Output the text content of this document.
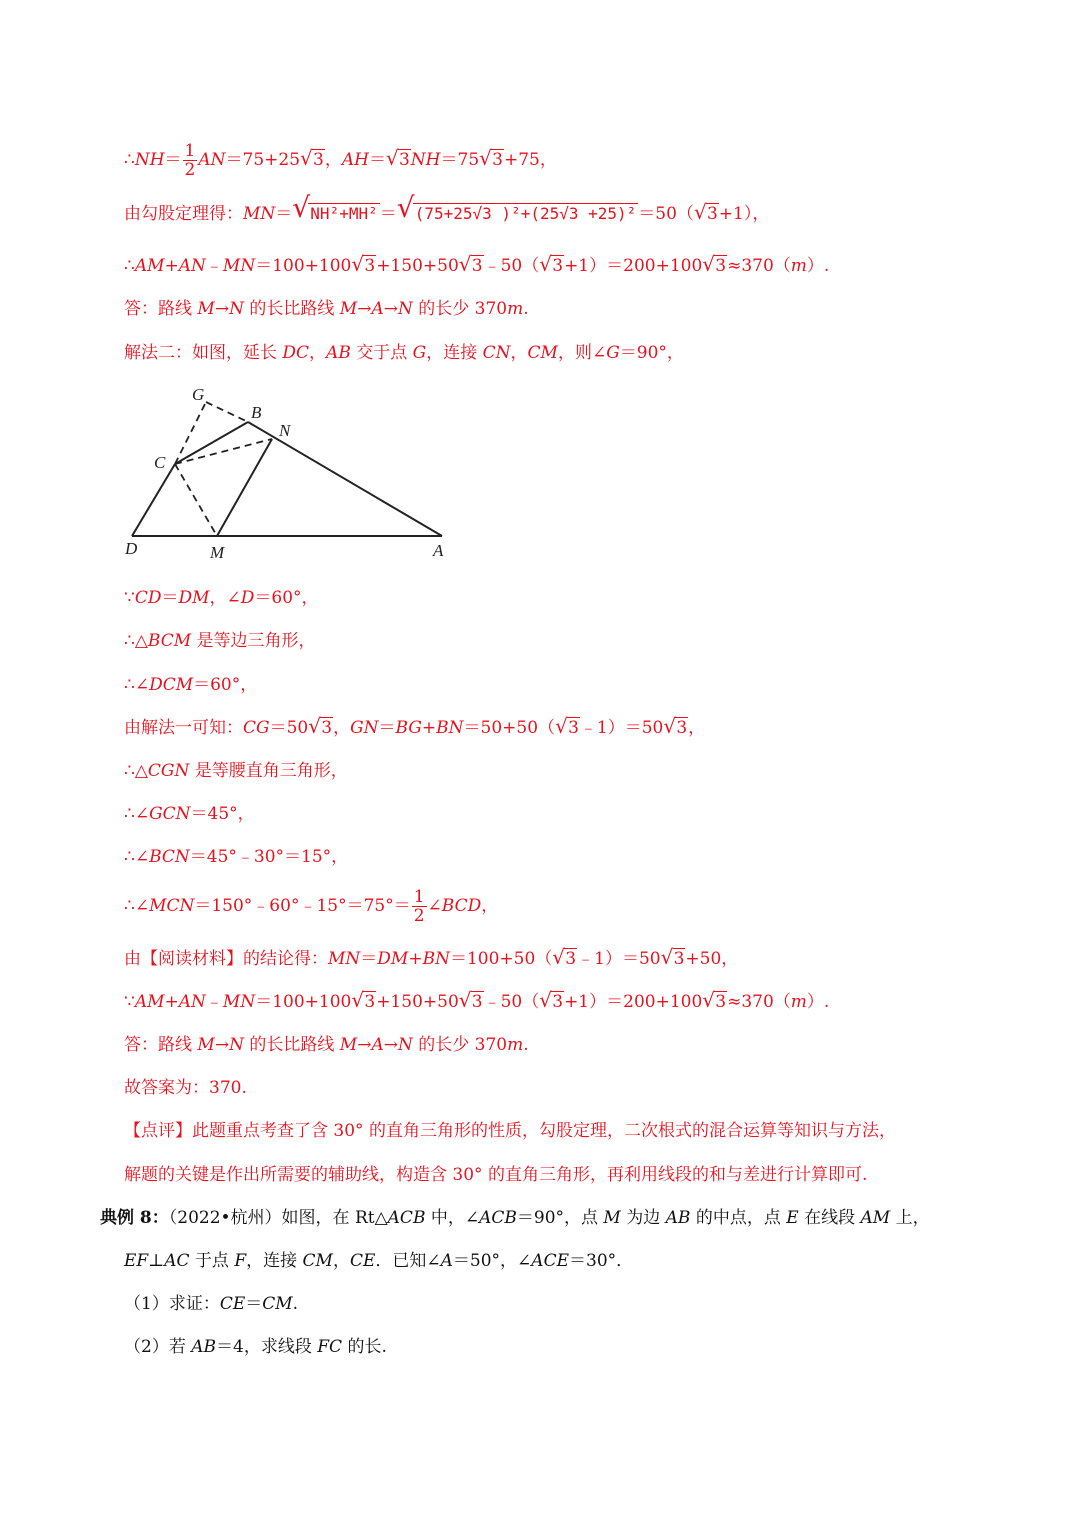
∴NH＝ $\frac{1}{2} AN=75+25√$ 3，AH＝√ 3NH＝75√ 3+75，
由勾股定理得：MN＝√ NH²+MH² ＝√ (75+25√3 )²+(25√3 +25)² ＝50（√ 3+1），
∴AM+AN﹣MN＝100+100√ 3+150+50√ 3﹣50（√ 3+1）＝200+100√ 3≈370（m）.
答：路线 M→N 的长比路线 M→A→N 的长少 370m.
解法二：如图，延长 DC，AB 交于点 G，连接 CN，CM，则∠G＝90°，
G
B
N
C
D	M	A
∵CD＝DM，∠D＝60°，
∴△BCM 是等边三角形，
∴∠DCM＝60°，
由解法一可知：CG＝50√ 3，GN＝BG+BN＝50+50（√ 3﹣1）＝50√ 3，
∴△CGN 是等腰直角三角形，
∴∠GCN＝45°，
∴∠BCN＝45°﹣30°＝15°，
∴∠MCN＝150°﹣60°﹣15°＝75°＝ $\frac{1}{2}$ ∠BCD，
由【阅读材料】的结论得：MN＝DM+BN＝100+50（√ 3﹣1）＝50√ 3+50，
∵AM+AN﹣MN＝100+100√ 3+150+50√ 3﹣50（√ 3+1）＝200+100√ 3≈370（m）.
答：路线 M→N 的长比路线 M→A→N 的长少 370m.
故答案为：370.
【点评】此题重点考查了含 30° 的直角三角形的性质，勾股定理，二次根式的混合运算等知识与方法，
解题的关键是作出所需要的辅助线，构造含 30° 的直角三角形，再利用线段的和与差进行计算即可.
典例 8：（2022•杭州）如图，在 Rt△ACB 中，∠ACB＝90°，点 M 为边 AB 的中点，点 E 在线段 AM 上，
EF⊥AC 于点 F，连接 CM，CE．已知∠A＝50°，∠ACE＝30°．
（1）求证：CE＝CM.
（2）若 AB＝4，求线段 FC 的长.
